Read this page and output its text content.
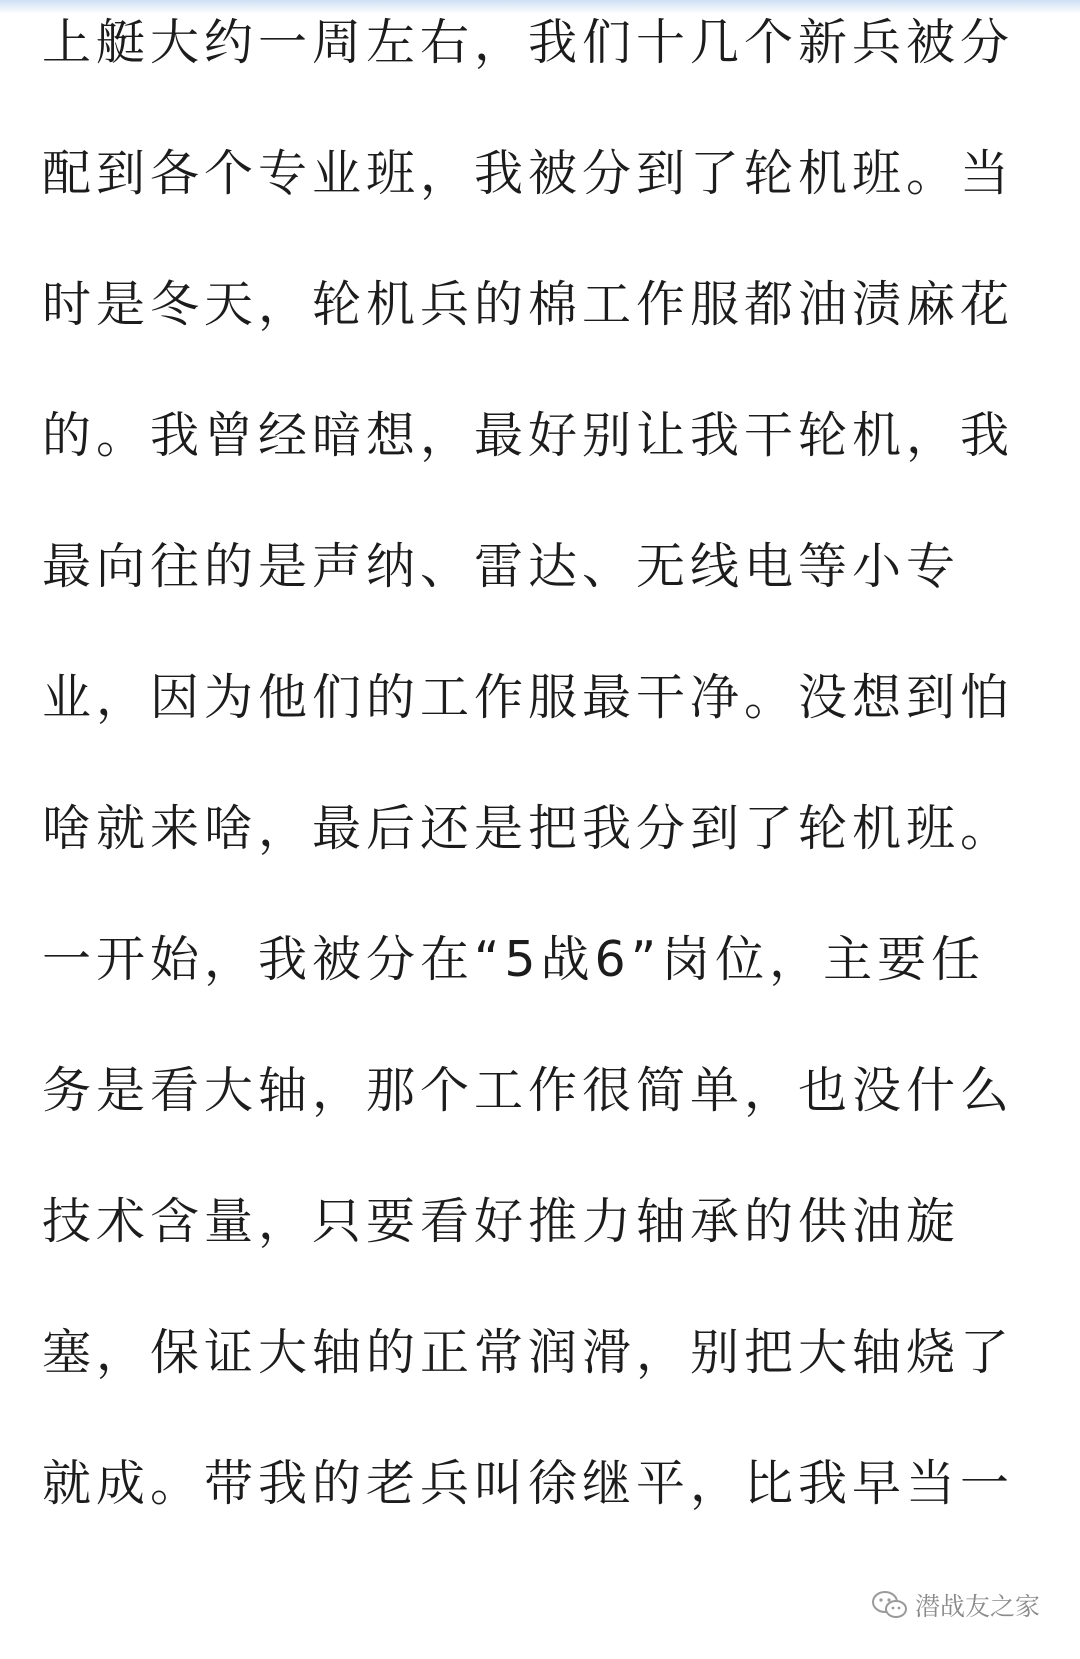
上艇大约一周左右，我们十几个新兵被分
配到各个专业班，我被分到了轮机班。当
时是冬天，轮机兵的棉工作服都油渍麻花
的。我曾经暗想，最好别让我干轮机，我
最向往的是声纳、雷达、无线电等小专
业，因为他们的工作服最干净。没想到怕
啥就来啥，最后还是把我分到了轮机班。
一开始，我被分在“5战6”岗位，主要任
务是看大轴，那个工作很简单，也没什么
技术含量，只要看好推力轴承的供油旋
塞，保证大轴的正常润滑，别把大轴烧了
就成。带我的老兵叫徐继平，比我早当一
潜战友之家
